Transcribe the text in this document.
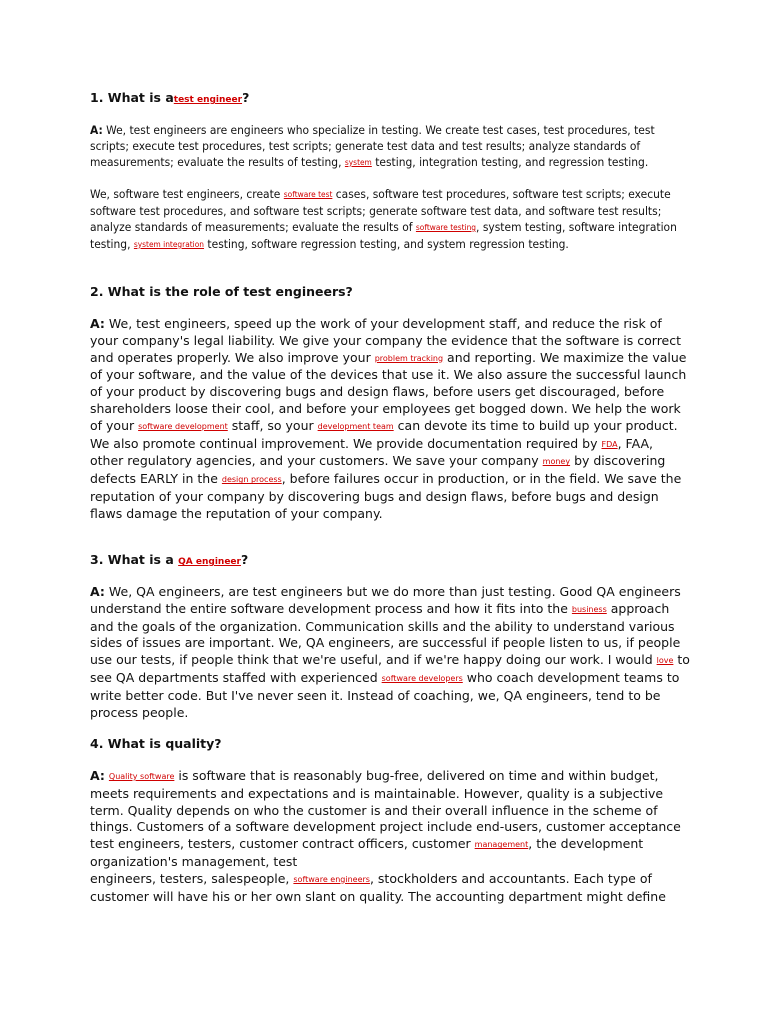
1. What is atest engineer?

A: We, test engineers are engineers who specialize in testing. We create test cases, test procedures, test scripts; execute test procedures, test scripts; generate test data and test results; analyze standards of measurements; evaluate the results of testing, system testing, integration testing, and regression testing.

We, software test engineers, create software test cases, software test procedures, software test scripts; execute software test procedures, and software test scripts; generate software test data, and software test results; analyze standards of measurements; evaluate the results of software testing, system testing, software integration testing, system integration testing, software regression testing, and system regression testing.

2. What is the role of test engineers?

A: We, test engineers, speed up the work of your development staff, and reduce the risk of your company's legal liability. We give your company the evidence that the software is correct and operates properly. We also improve your problem tracking and reporting. We maximize the value of your software, and the value of the devices that use it. We also assure the successful launch of your product by discovering bugs and design flaws, before users get discouraged, before shareholders loose their cool, and before your employees get bogged down. We help the work of your software development staff, so your development team can devote its time to build up your product. We also promote continual improvement. We provide documentation required by FDA, FAA, other regulatory agencies, and your customers. We save your company money by discovering defects EARLY in the design process, before failures occur in production, or in the field. We save the reputation of your company by discovering bugs and design flaws, before bugs and design flaws damage the reputation of your company.

3. What is a QA engineer?

A: We, QA engineers, are test engineers but we do more than just testing. Good QA engineers understand the entire software development process and how it fits into the business approach and the goals of the organization. Communication skills and the ability to understand various sides of issues are important. We, QA engineers, are successful if people listen to us, if people use our tests, if people think that we're useful, and if we're happy doing our work. I would love to see QA departments staffed with experienced software developers who coach development teams to write better code. But I've never seen it. Instead of coaching, we, QA engineers, tend to be process people.

4. What is quality?

A: Quality software is software that is reasonably bug-free, delivered on time and within budget, meets requirements and expectations and is maintainable. However, quality is a subjective term. Quality depends on who the customer is and their overall influence in the scheme of things. Customers of a software development project include end-users, customer acceptance test engineers, testers, customer contract officers, customer management, the development organization's management, test
engineers, testers, salespeople, software engineers, stockholders and accountants. Each type of customer will have his or her own slant on quality. The accounting department might define
